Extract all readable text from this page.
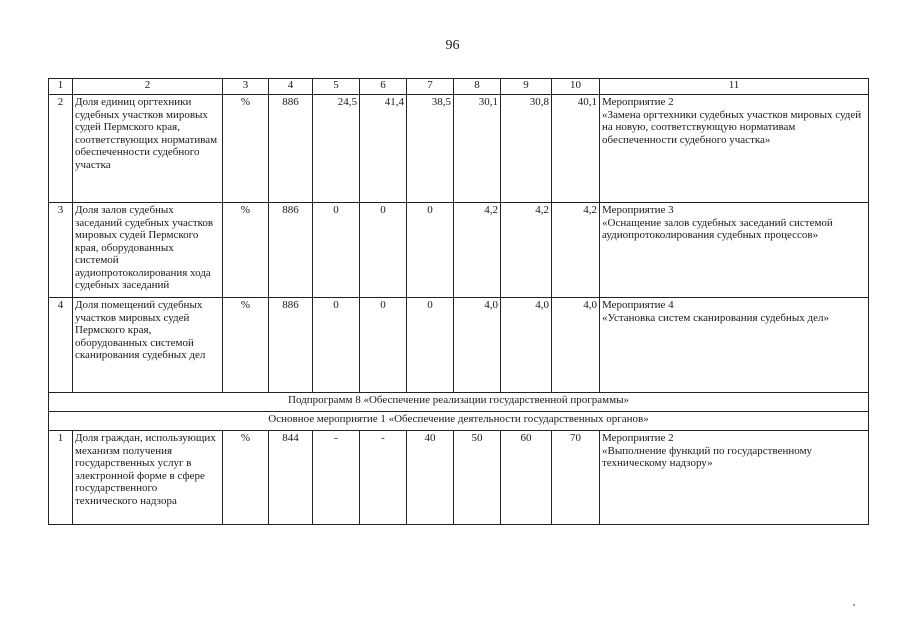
96
1	2	3	4	5	6	7	8	9	10	11
2	Доля единиц оргтехники судебных участков мировых судей Пермского края, соответствующих нормативам обеспеченности судебного участка	%	886	24,5	41,4	38,5	30,1	30,8	40,1	Мероприятие 2
«Замена оргтехники судебных участков мировых судей на новую, соответствующую нормативам обеспеченности судебного участка»

3	Доля залов судебных заседаний судебных участков мировых судей Пермского края, оборудованных системой аудиопротоколирования хода судебных заседаний	%	886	0	0	0	4,2	4,2	4,2	Мероприятие 3
«Оснащение залов судебных заседаний системой аудиопротоколирования судебных процессов»

4	Доля помещений судебных участков мировых судей Пермского края, оборудованных системой сканирования судебных дел	%	886	0	0	0	4,0	4,0	4,0	Мероприятие 4
«Установка систем сканирования судебных дел»

Подпрограмм 8 «Обеспечение реализации государственной программы»										
Основное мероприятие 1 «Обеспечение деятельности государственных органов»										
1	Доля граждан, использующих механизм получения государственных услуг в электронной форме в сфере государственного технического надзора	%	844	-	-	40	50	60	70	Мероприятие 2
«Выполнение функций по государственному техническому надзору»
